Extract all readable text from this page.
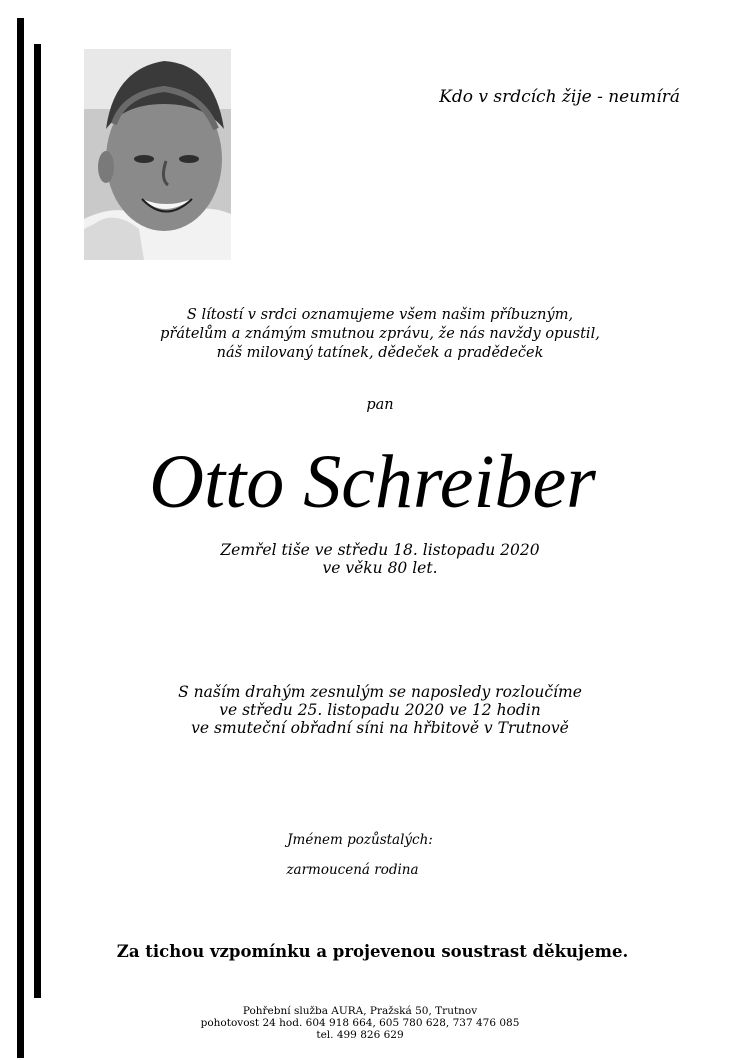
Kdo v srdcích žije - neumírá
S lítostí v srdci oznamujeme všem našim příbuzným,
přátelům a známým smutnou zprávu, že nás navždy opustil,
náš milovaný tatínek, dědeček a pradědeček
pan
Otto Schreiber
Zemřel tiše ve středu 18. listopadu 2020
ve věku 80 let.
S naším drahým zesnulým se naposledy rozloučíme
ve středu 25. listopadu 2020 ve 12 hodin
ve smuteční obřadní síni na hřbitově v Trutnově
Jménem pozůstalých:
zarmoucená rodina
Za tichou vzpomínku a projevenou soustrast děkujeme.
Pohřební služba AURA, Pražská 50, Trutnov
pohotovost 24 hod. 604 918 664, 605 780 628, 737 476 085
tel. 499 826 629
